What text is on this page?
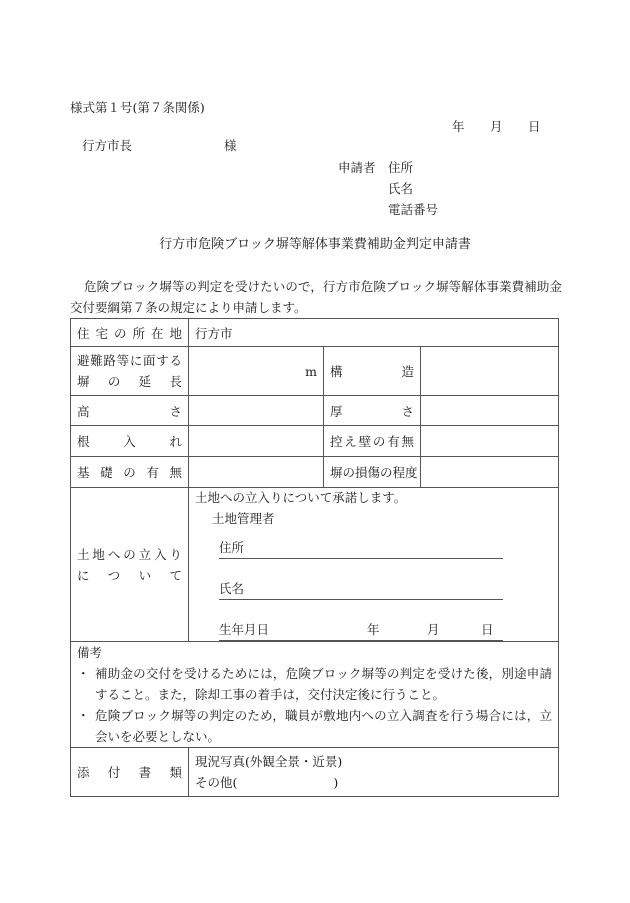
様式第１号(第７条関係)
年 月 日
行方市長	様
申請者 住所
氏名
電話番号
行方市危険ブロック塀等解体事業費補助金判定申請書
危険ブロック塀等の判定を受けたいので，行方市危険ブロック塀等解体事業費補助金交付要綱第７条の規定により申請します。
住宅の所在地	行方市		

避難路等に面する
塀の延長	m	構造	
高さ		厚さ	
根入れ		控え壁の有無	
基礎の有無		塀の損傷の程度	

土地への立入り
について

土地への立入りについて承諾します。
土地管理者
住所
氏名
生年月日	年	月	日

備考
・ 補助金の交付を受けるためには，危険ブロック塀等の判定を受けた後，別途申請すること。また，除却工事の着手は，交付決定後に行うこと。
・ 危険ブロック塀等の判定のため，職員が敷地内への立入調査を行う場合には，立会いを必要としない。			

添付書類	現況写真(外観全景・近景)
その他( )		
